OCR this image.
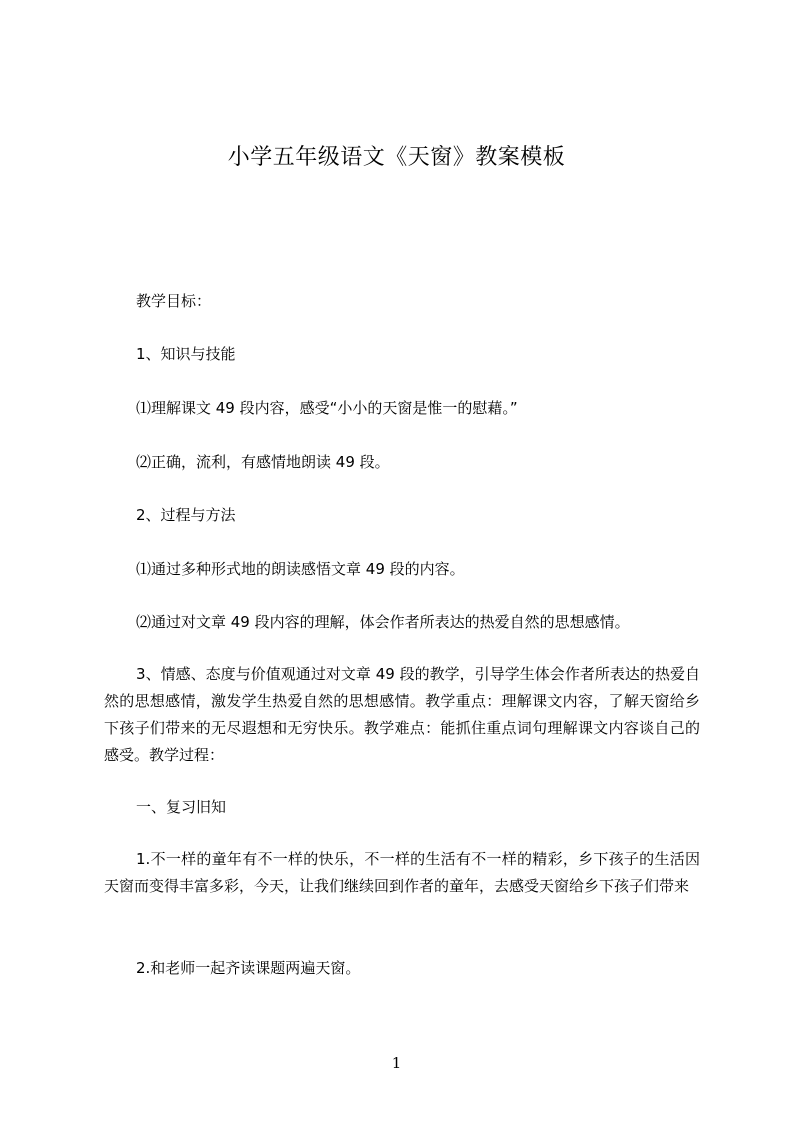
小学五年级语文《天窗》教案模板
教学目标：
1、知识与技能
⑴理解课文 49 段内容，感受“小小的天窗是惟一的慰藉。”
⑵正确，流利，有感情地朗读 49 段。
2、过程与方法
⑴通过多种形式地的朗读感悟文章 49 段的内容。
⑵通过对文章 49 段内容的理解，体会作者所表达的热爱自然的思想感情。
3、情感、态度与价值观通过对文章 49 段的教学，引导学生体会作者所表达的热爱自然的思想感情，激发学生热爱自然的思想感情。教学重点：理解课文内容，了解天窗给乡下孩子们带来的无尽遐想和无穷快乐。教学难点：能抓住重点词句理解课文内容谈自己的感受。教学过程：
一、复习旧知
1.不一样的童年有不一样的快乐，不一样的生活有不一样的精彩，乡下孩子的生活因天窗而变得丰富多彩，今天，让我们继续回到作者的童年，去感受天窗给乡下孩子们带来
2.和老师一起齐读课题两遍天窗。
1
